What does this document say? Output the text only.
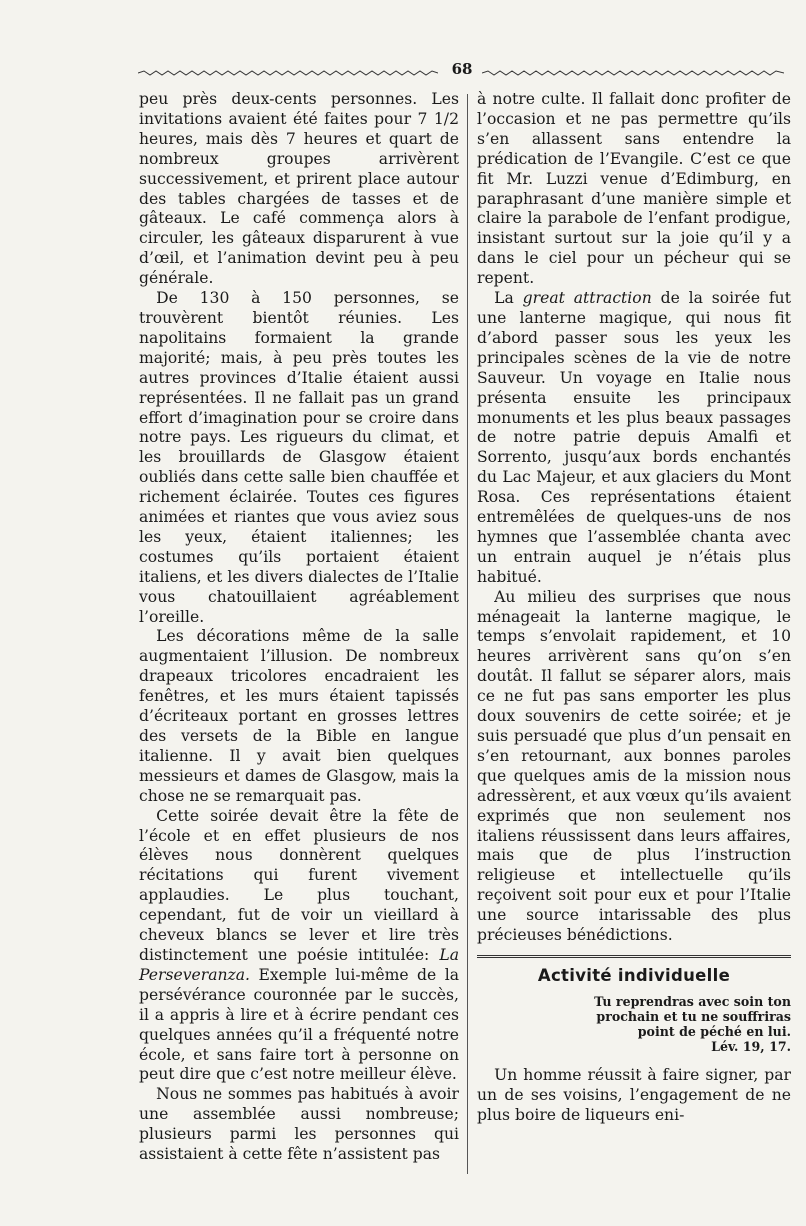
68

peu près deux-cents personnes. Les invitations avaient été faites pour 7 1/2 heures, mais dès 7 heures et quart de nombreux groupes arrivèrent successivement, et prirent place autour des tables chargées de tasses et de gâteaux. Le café commença alors à circuler, les gâteaux disparurent à vue d’œil, et l’animation devint peu à peu générale.

De 130 à 150 personnes, se trouvèrent bientôt réunies. Les napolitains formaient la grande majorité; mais, à peu près toutes les autres provinces d’Italie étaient aussi représentées. Il ne fallait pas un grand effort d’imagination pour se croire dans notre pays. Les rigueurs du climat, et les brouillards de Glasgow étaient oubliés dans cette salle bien chauffée et richement éclairée. Toutes ces figures animées et riantes que vous aviez sous les yeux, étaient italiennes; les costumes qu’ils portaient étaient italiens, et les divers dialectes de l’Italie vous chatouillaient agréablement l’oreille.

Les décorations même de la salle augmentaient l’illusion. De nombreux drapeaux tricolores encadraient les fenêtres, et les murs étaient tapissés d’écriteaux portant en grosses lettres des versets de la Bible en langue italienne. Il y avait bien quelques messieurs et dames de Glasgow, mais la chose ne se remarquait pas.

Cette soirée devait être la fête de l’école et en effet plusieurs de nos élèves nous donnèrent quelques récitations qui furent vivement applaudies. Le plus touchant, cependant, fut de voir un vieillard à cheveux blancs se lever et lire très distinctement une poésie intitulée: La Perseveranza. Exemple lui-même de la persévérance couronnée par le succès, il a appris à lire et à écrire pendant ces quelques années qu’il a fréquenté notre école, et sans faire tort à personne on peut dire que c’est notre meilleur élève.

Nous ne sommes pas habitués à avoir une assemblée aussi nombreuse; plusieurs parmi les personnes qui assistaient à cette fête n’assistent pas

à notre culte. Il fallait donc profiter de l’occasion et ne pas permettre qu’ils s’en allassent sans entendre la prédication de l’Evangile. C’est ce que fit Mr. Luzzi venue d’Edimburg, en paraphrasant d’une manière simple et claire la parabole de l’enfant prodigue, insistant surtout sur la joie qu’il y a dans le ciel pour un pécheur qui se repent.

La great attraction de la soirée fut une lanterne magique, qui nous fit d’abord passer sous les yeux les principales scènes de la vie de notre Sauveur. Un voyage en Italie nous présenta ensuite les principaux monuments et les plus beaux passages de notre patrie depuis Amalfi et Sorrento, jusqu’aux bords enchantés du Lac Majeur, et aux glaciers du Mont Rosa. Ces représentations étaient entremêlées de quelques-uns de nos hymnes que l’assemblée chanta avec un entrain auquel je n’étais plus habitué.

Au milieu des surprises que nous ménageait la lanterne magique, le temps s’envolait rapidement, et 10 heures arrivèrent sans qu’on s’en doutât. Il fallut se séparer alors, mais ce ne fut pas sans emporter les plus doux souvenirs de cette soirée; et je suis persuadé que plus d’un pensait en s’en retournant, aux bonnes paroles que quelques amis de la mission nous adressèrent, et aux vœux qu’ils avaient exprimés que non seulement nos italiens réussissent dans leurs affaires, mais que de plus l’instruction religieuse et intellectuelle qu’ils reçoivent soit pour eux et pour l’Italie une source intarissable des plus précieuses bénédictions.

Activité individuelle
Tu reprendras avec soin ton
prochain et tu ne souffriras
point de péché en lui.
Lév. 19, 17.

Un homme réussit à faire signer, par un de ses voisins, l’engagement de ne plus boire de liqueurs eni-
